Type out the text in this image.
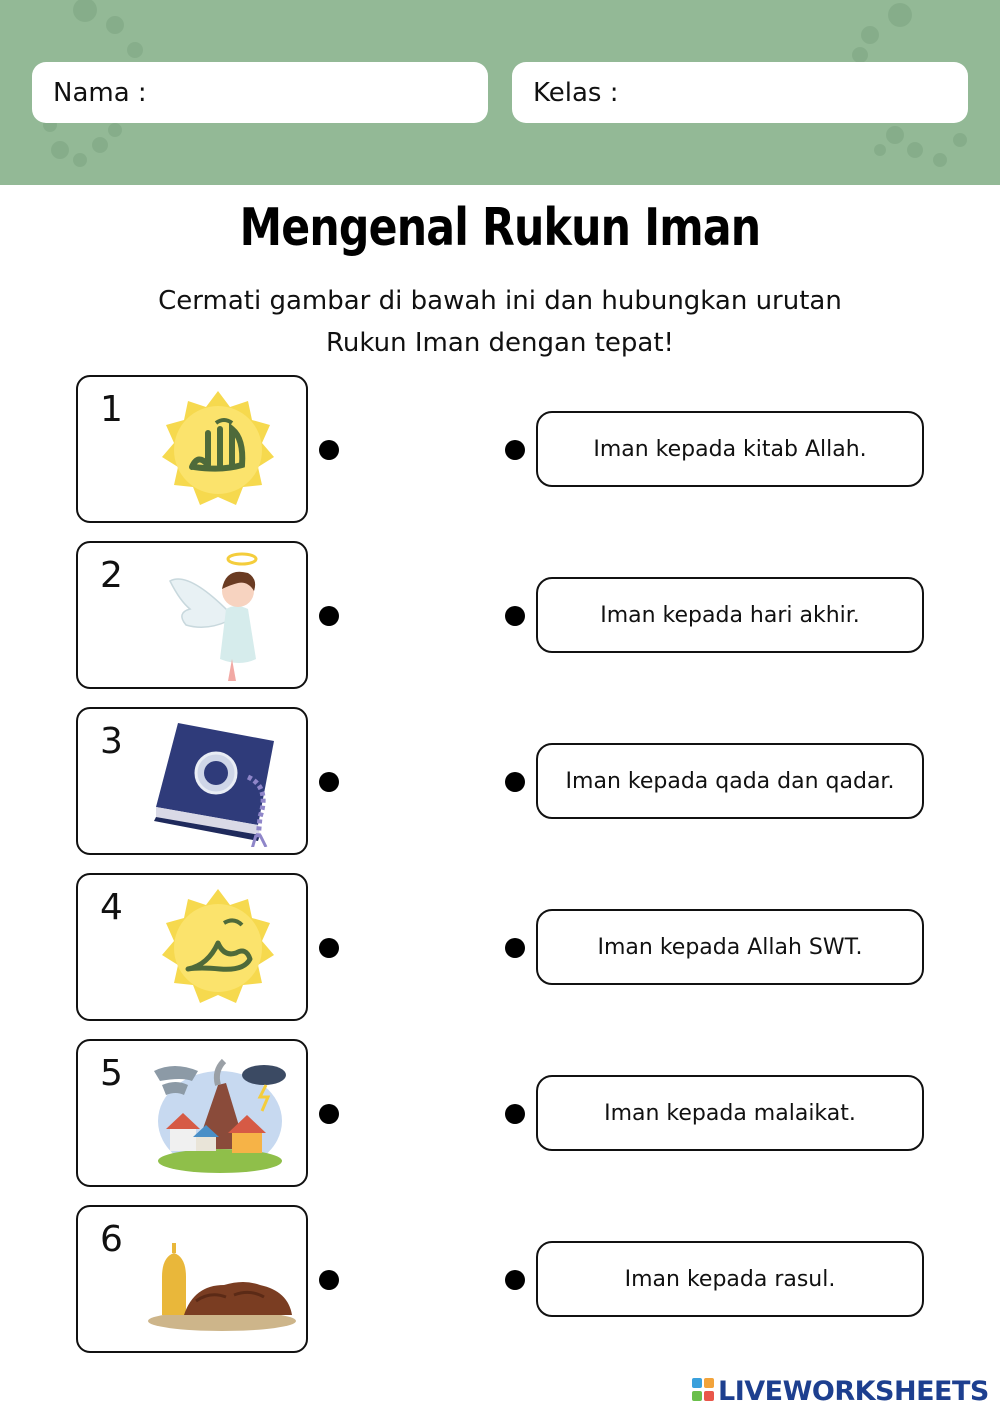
Nama :	Kelas :
Mengenal Rukun Iman
Cermati gambar di bawah ini dan hubungkan urutan
Rukun Iman dengan tepat!
1
2
3
4
5
6
Iman kepada kitab Allah.
Iman kepada hari akhir.
Iman kepada qada dan qadar.
Iman kepada Allah SWT.
Iman kepada malaikat.
Iman kepada rasul.
LIVEWORKSHEETS
